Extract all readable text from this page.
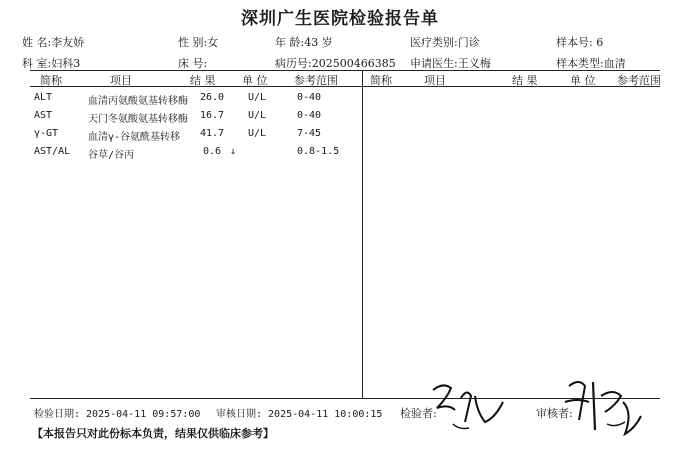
深圳广生医院检验报告单
姓 名:李友娇	性 别:女	年 龄:43 岁	医疗类别:门诊	样本号: 6
科 室:妇科3	床 号:	病历号:202500466385 申请医生:王义梅	样本类型:血清
简称	项目	结 果 单 位 参考范围	简称	项目	结 果	单 位 参考范围
ALT	血清丙氨酸氨基转移酶 26.0 U/L	0-40
AST	天门冬氨酸氨基转移酶 16.7 U/L	0-40
γ-GT	血清γ-谷氨酰基转移 41.7 U/L	7-45
AST/AL 谷草/谷丙	0.6 ↓	0.8-1.5
检验日期: 2025-04-11 09:57:00 审核日期: 2025-04-11 10:00:15 检验者:	审核者:
【本报告只对此份标本负责，结果仅供临床参考】
